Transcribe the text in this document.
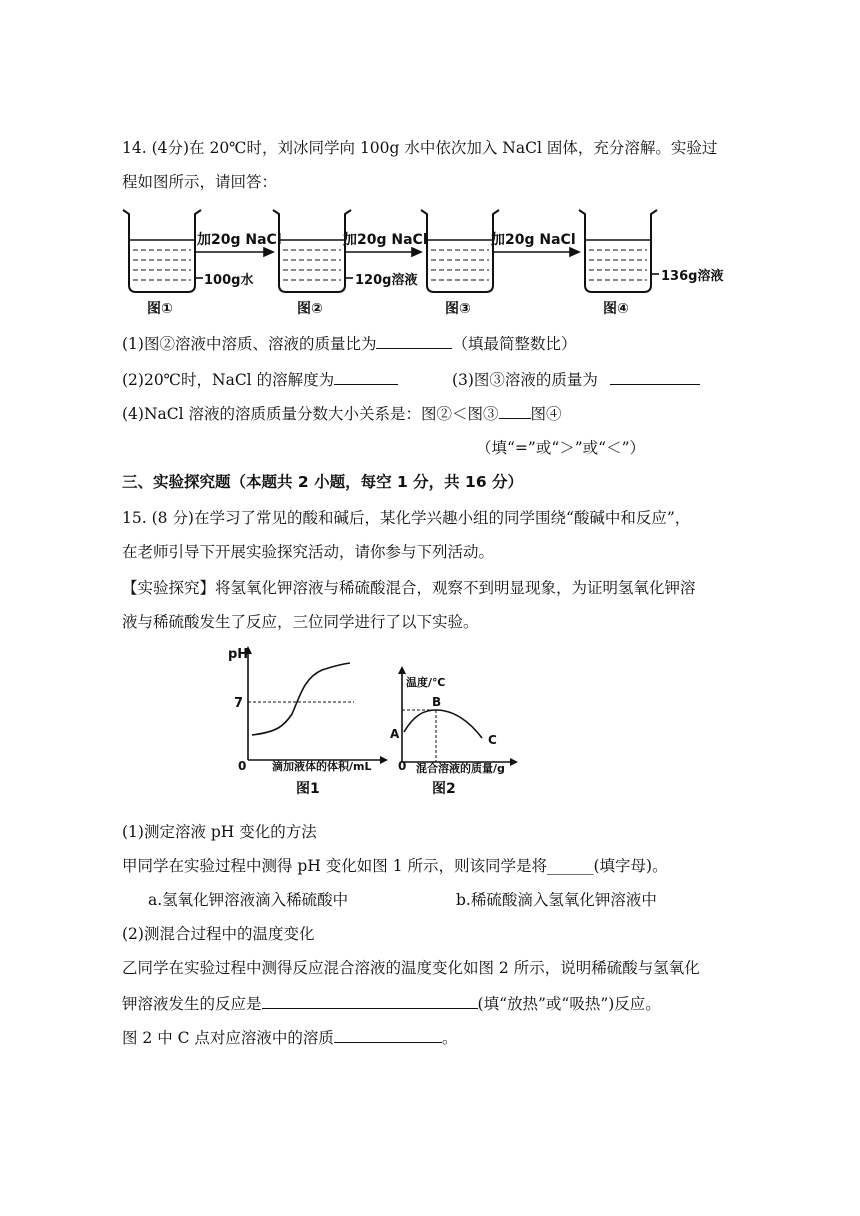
14. (4分)在 20℃时，刘冰同学向 100g 水中依次加入 NaCl 固体，充分溶解。实验过
程如图所示，请回答：
加20g NaCl	加20g NaCl	加20g NaCl
100g水	120g溶液	136g溶液
图①	图②	图③	图④
(1)图②溶液中溶质、溶液的质量比为	（填最简整数比）
(2)20℃时，NaCl 的溶解度为	(3)图③溶液的质量为
(4)NaCl 溶液的溶质质量分数大小关系是：图②＜图③ 图④
（填“=”或“＞”或“＜”）
三、实验探究题（本题共 2 小题，每空 1 分，共 16 分）
15. (8 分)在学习了常见的酸和碱后，某化学兴趣小组的同学围绕“酸碱中和反应”，
在老师引导下开展实验探究活动，请你参与下列活动。
【实验探究】将氢氧化钾溶液与稀硫酸混合，观察不到明显现象，为证明氢氧化钾溶
液与稀硫酸发生了反应，三位同学进行了以下实验。
pH
7
0 滴加液体的体积/mL
图1
温度/℃
A
B
C
0 混合溶液的质量/g
图2
(1)测定溶液 pH 变化的方法
甲同学在实验过程中测得 pH 变化如图 1 所示，则该同学是将______(填字母)。
a.氢氧化钾溶液滴入稀硫酸中	b.稀硫酸滴入氢氧化钾溶液中
(2)测混合过程中的温度变化
乙同学在实验过程中测得反应混合溶液的温度变化如图 2 所示，说明稀硫酸与氢氧化
钾溶液发生的反应是	(填“放热”或“吸热”)反应。
图 2 中 C 点对应溶液中的溶质	。
